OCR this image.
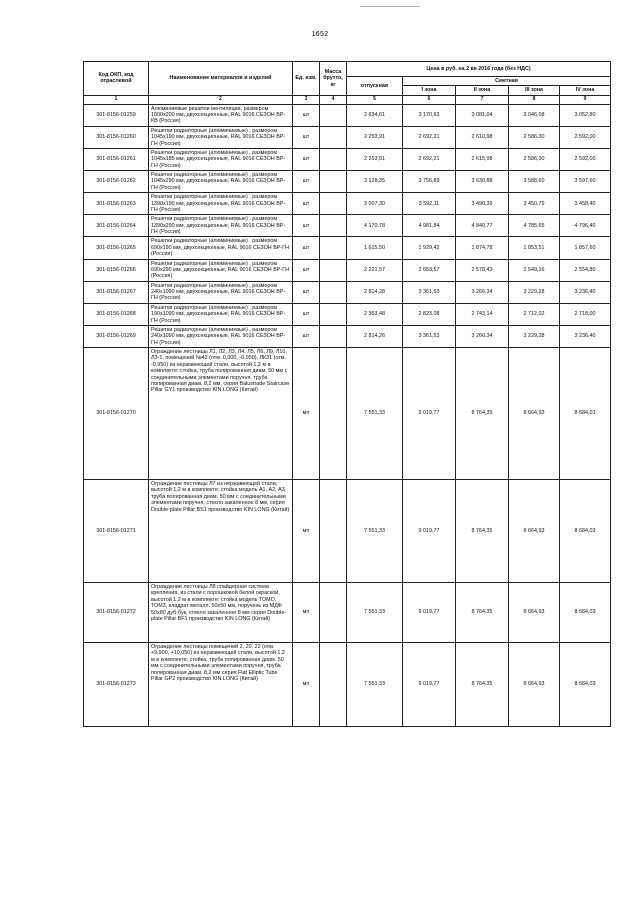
1652
Код ОКП, код отраслевой	Наименование материалов и изделий	Ед. изм.	Масса брутто, кг	Цена в руб. на 2 кв 2016 года (без НДС)				
				отпускная	Сметная			
					I зона	II зона	III зона	IV зона
1	2	3	4	5	6	7	8	9
301-8156-01259	Алюминиевые решетки вентиляции, размером 1000х200 мм, двухсекционные, RAL 9016 СЕЗОН ВР-КВ (Россия)	шт		2 634,61	3 170,63	3 081,04	3 046,08	3 052,80
301-8156-01260	Решетки радиаторные (алюминиевые) , размером 1045х190 мм, двухсекционные, RAL 9016 СЕЗОН ВР-ГН (Россия)	шт		2 253,91	2 692,21	2 610,98	2 586,30	2 592,00
301-8156-01261	Решетки радиаторные (алюминиевые) , размером 1045х185 мм, двухсекционные, RAL 9016 СЕЗОН ВР-ГН (Россия)	шт		2 253,91	2 692,21	2 615,98	2 586,30	2 592,00
301-8156-01262	Решетки радиаторные (алюминиевые) , размером 1045х290 мм, двухсекционные, RAL 9016 СЕЗОН ВР-ГН (Россия)	шт		3 128,35	3 756,89	3 630,88	3 588,60	3 597,60
301-8156-01263	Решетки радиаторные (алюминиевые) , размером 1390х190 мм, двухсекционные, RAL 9016 СЕЗОН ВР-ГН (Россия)	шт		3 007,30	3 592,11	3 490,39	3 450,79	3 458,40
301-8156-01264	Решетки радиаторные (алюминиевые) , размером 1390х290 мм, двухсекционные, RAL 9016 СЕЗОН ВР-ГН (Россия)	шт		4 170,78	4 981,84	4 840,77	4 785,65	4 796,40
301-8156-01265	Решетки радиаторные (алюминиевые) , размером 690х190 мм, двухсекционные, RAL 9016 СЕЗОН ВР-ГН (Россия)	шт		1 615,50	1 929,42	1 874,78	1 853,51	1 857,60
301-8156-01266	Решетки радиаторные (алюминиевые) , размером 690х290 мм, двухсекционные, RAL 9016 СЕЗОН ВР-ГН (Россия)	шт		2 221,57	2 653,57	2 578,43	2 549,16	2 554,80
301-8156-01267	Решетки радиаторные (алюминиевые) , размером 240х1090 мм, двухсекционные, RAL 9016 СЕЗОН ВР-ГН (Россия)	шт		2 814,28	3 361,53	3 266,34	3 229,28	3 236,40
301-8156-01268	Решетки радиаторные (алюминиевые) , размером 190х1090 мм, двухсекционные, RAL 9016 СЕЗОН ВР-ГН (Россия)	шт		2 363,48	2 823,08	2 743,14	2 712,02	2 718,00
301-8156-01269	Решетки радиаторные (алюминиевые) , размером 240х1090 мм, двухсекционные, RAL 9016 СЕЗОН ВР-ГН (Россия)	шт		2 814,26	3 361,53	3 266,34	3 229,28	3 236,40
301-8156-01270	Ограждение лестницы Л1, Л2, Л3, Л4, Л5, Л6, Л9, Л10, Л3-1, помещений №42 (отм. 0,000, -0,950), ЛК31 (отм. -0,950) из нержавеющей стали, высотой 1,2 м в комплекте: стойка, труба полированная диам. 50 мм с соединительными элементами поручня, труба полированная диам. 8,2 мм, серия Balustrade Staircase Pillar GY1 производство KIN LONG (Китай)	мп		7 551,33	9 019,77	8 764,35	8 664,93	8 684,03
301-8156-01271	Ограждение лестницы Л7 из нержавеющей стали, высотой 1,2 м в комплекте: стойка модель А1, А2, А3, труба полированная диам. 50 мм с соединительными элементами поручня, стекло закаленное 8 мм, серия Double-plate Pillar BS1 производство KIN LONG (Китай)	мп		7 551,33	9 019,77	8 764,35	8 664,93	8 684,03
301-8156-01272	Ограждение лестницы Л8 спайдерная система крепления, из стали с порошковой белой окраской, высотой 1,2 м в комплекте: стойка модель ТОМО, ТОМ3, кладрат металл. 50х50 мм, поручень из МДФ 50х80 дуб-бук, стекло закаленное 8 мм серия Double-plate Pillar BF1 производство KIN LONG (Китай)	мп		7 551,33	9 019,77	8 764,35	8 664,93	8 684,03
301-8156-01273	Ограждение лестницы помещений 2, 20, 22 (отм. +9,900, +10,050) из нержавеющей стали, высотой 1,2 м в комплекте: стойка, труба полированная диам. 50 мм с соединительными элементами поручня, труба полированная диам. 8,2 мм серия Flat Elliptic Tube Pillar GP2 производство KIN LONG (Китай)	мп		7 551,33	9 019,77	8 764,35	8 664,93	8 684,03
